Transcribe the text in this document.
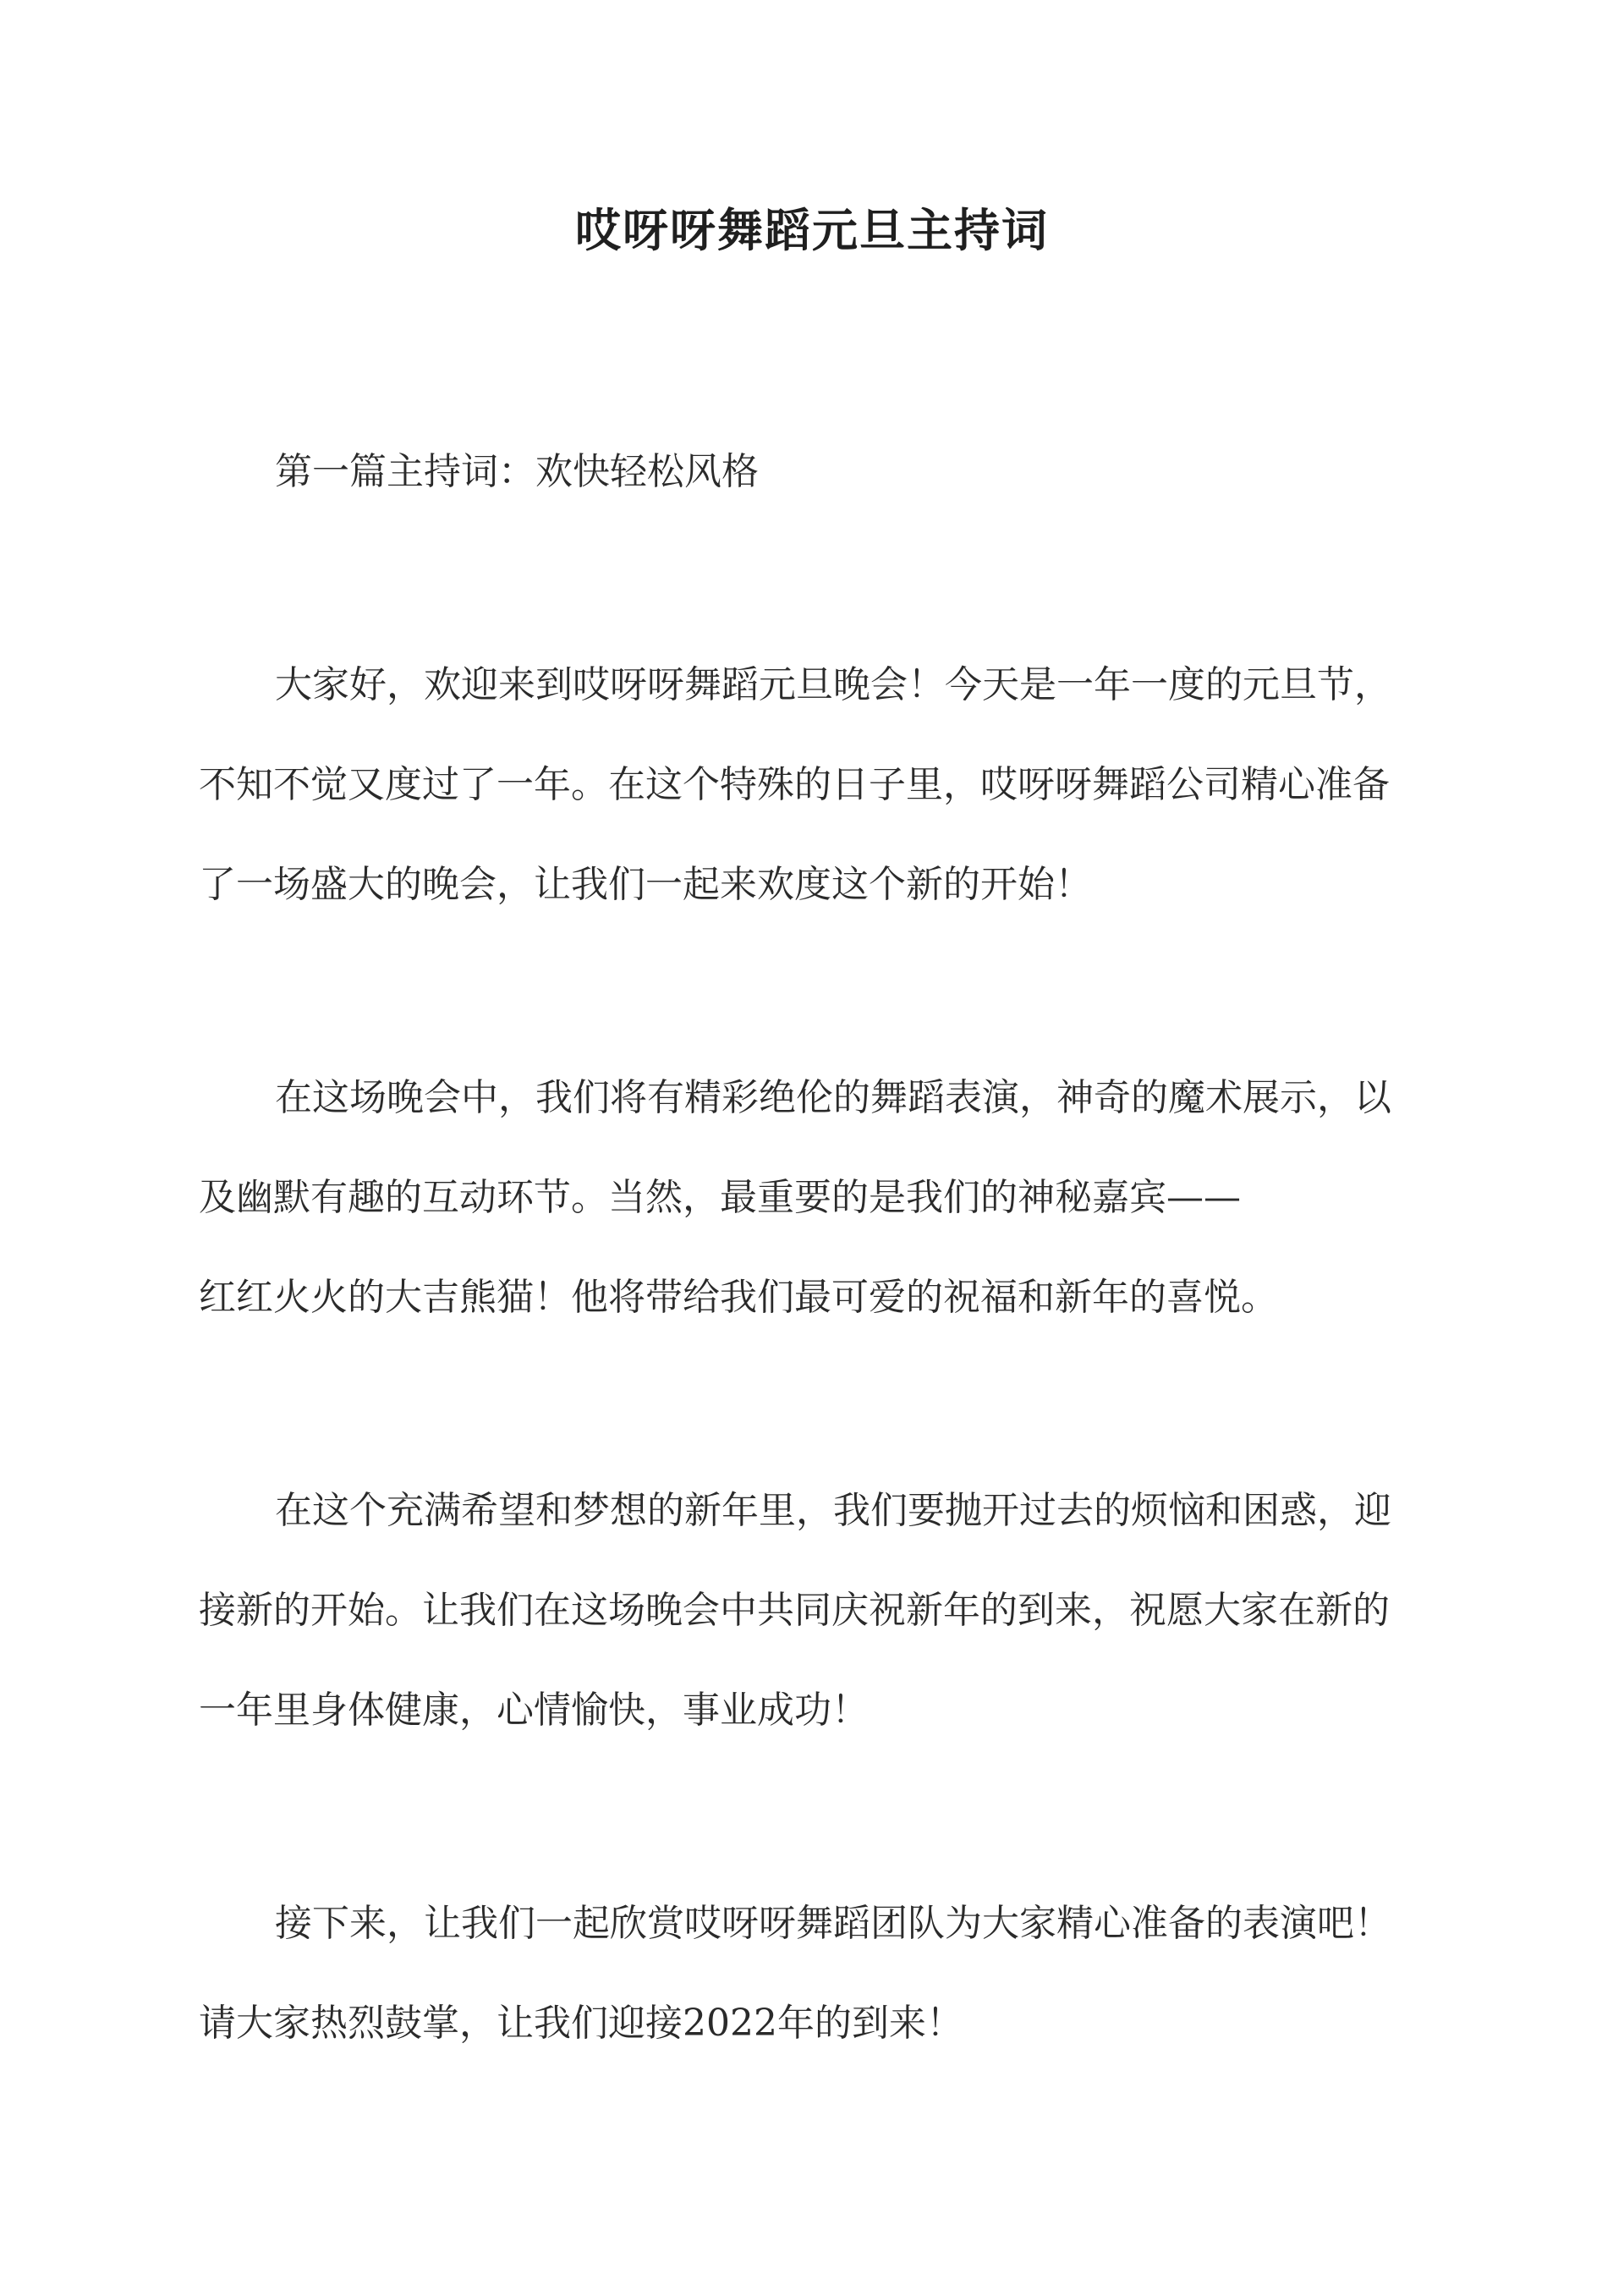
哎呀呀舞蹈元旦主持词
第一篇主持词：欢快轻松风格
大家好，欢迎来到哎呀呀舞蹈元旦晚会！今天是一年一度的元旦节，
不知不觉又度过了一年。在这个特殊的日子里，哎呀呀舞蹈公司精心准备
了一场盛大的晚会，让我们一起来欢度这个新的开始！
在这场晚会中，我们将有精彩绝伦的舞蹈表演，神奇的魔术展示，以
及幽默有趣的互动环节。当然，最重要的是我们的神秘嘉宾——
红红火火的大吉熊猫！他将带给我们最可爱的祝福和新年的喜悦。
在这个充满希望和梦想的新年里，我们要抛开过去的烦恼和困惑，迎
接新的开始。让我们在这场晚会中共同庆祝新年的到来，祝愿大家在新的
一年里身体健康，心情愉快，事业成功！
接下来，让我们一起欣赏哎呀呀舞蹈团队为大家精心准备的表演吧！
请大家热烈鼓掌，让我们迎接2022年的到来！
